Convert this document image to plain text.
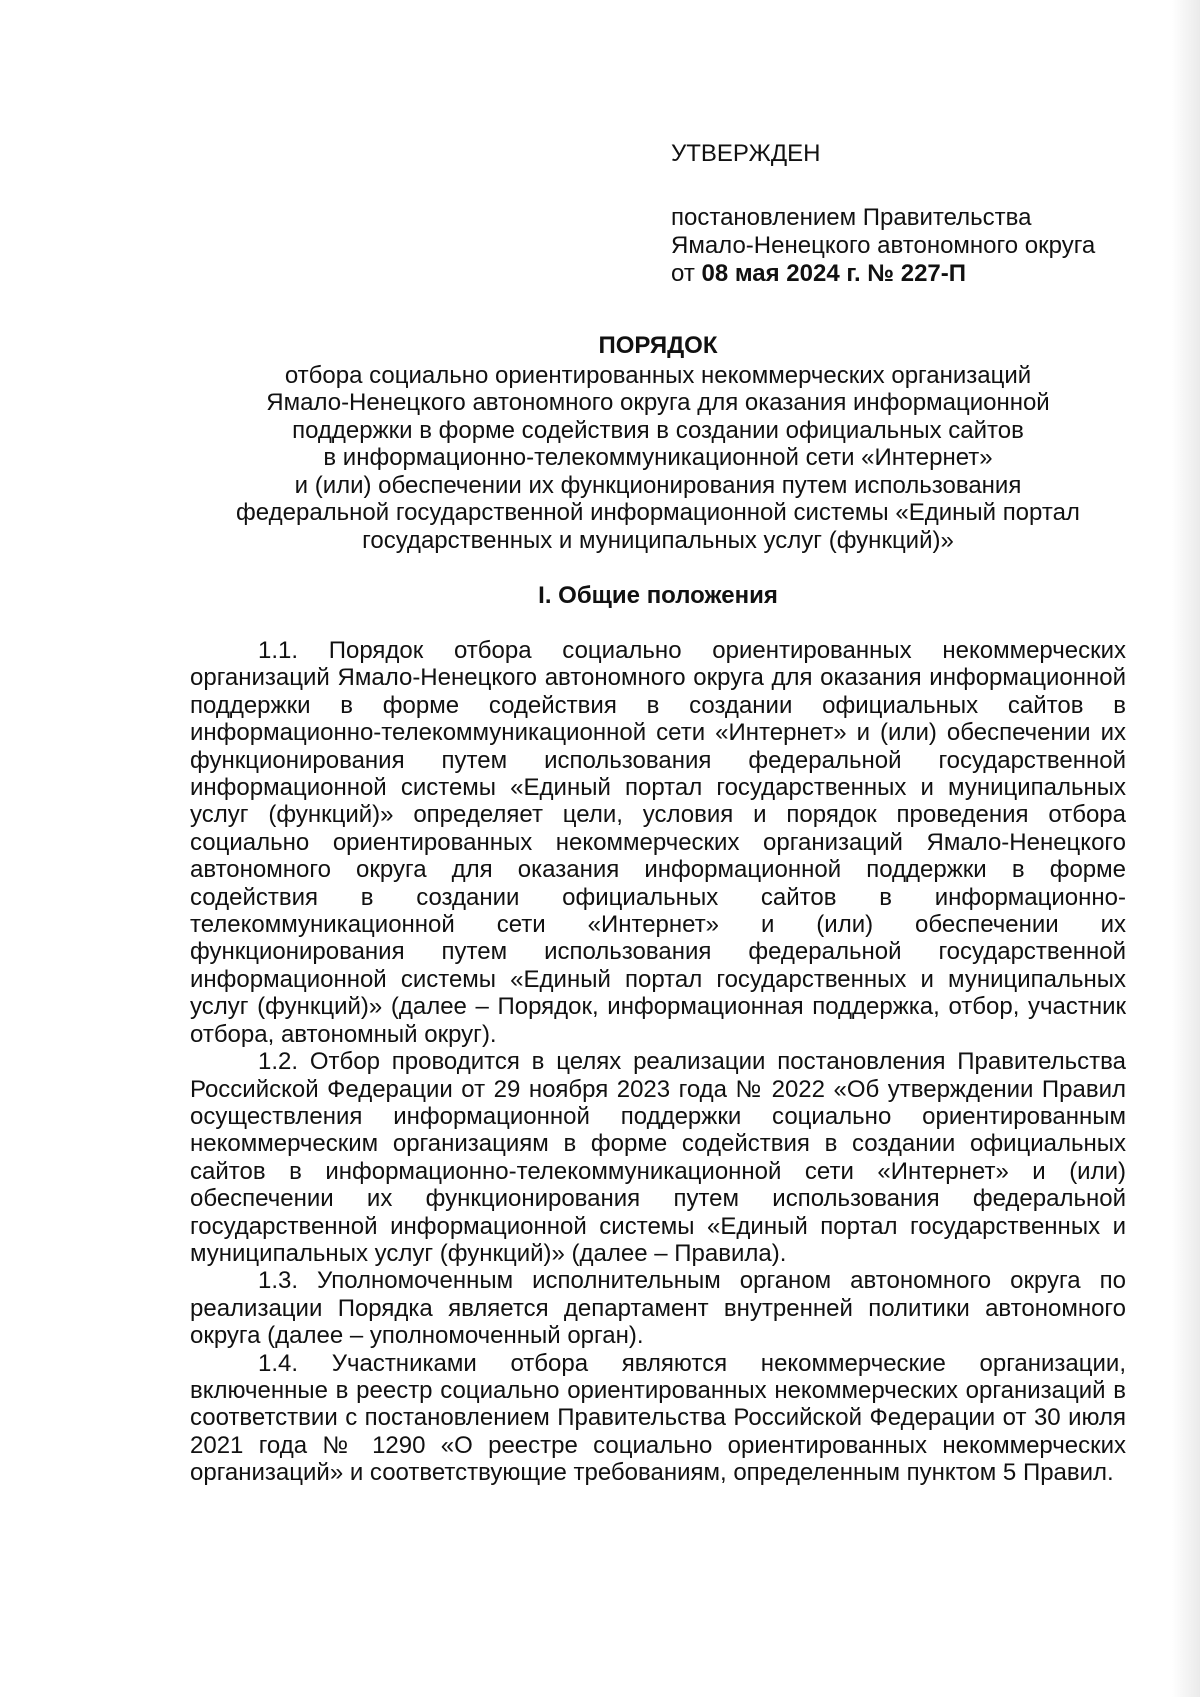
УТВЕРЖДЕН

постановлением Правительства

Ямало-Ненецкого автономного округа

от 08 мая 2024 г. № 227-П

ПОРЯДОК

отбора социально ориентированных некоммерческих организаций

Ямало-Ненецкого автономного округа для оказания информационной

поддержки в форме содействия в создании официальных сайтов

в информационно-телекоммуникационной сети «Интернет»

и (или) обеспечении их функционирования путем использования

федеральной государственной информационной системы «Единый портал

государственных и муниципальных услуг (функций)»

I. Общие положения

1.1. Порядок отбора социально ориентированных некоммерческих организаций Ямало-Ненецкого автономного округа для оказания информационной поддержки в форме содействия в создании официальных сайтов в информационно-телекоммуникационной сети «Интернет» и (или) обеспечении их функционирования путем использования федеральной государственной информационной системы «Единый портал государственных и муниципальных услуг (функций)» определяет цели, условия и порядок проведения отбора социально ориентированных некоммерческих организаций Ямало-Ненецкого автономного округа для оказания информационной поддержки в форме содействия в создании официальных сайтов в информационно-телекоммуникационной сети «Интернет» и (или) обеспечении их функционирования путем использования федеральной государственной информационной системы «Единый портал государственных и муниципальных услуг (функций)» (далее – Порядок, информационная поддержка, отбор, участник отбора, автономный округ).

1.2. Отбор проводится в целях реализации постановления Правительства Российской Федерации от 29 ноября 2023 года № 2022 «Об утверждении Правил осуществления информационной поддержки социально ориентированным некоммерческим организациям в форме содействия в создании официальных сайтов в информационно-телекоммуникационной сети «Интернет» и (или) обеспечении их функционирования путем использования федеральной государственной информационной системы «Единый портал государственных и муниципальных услуг (функций)» (далее – Правила).

1.3. Уполномоченным исполнительным органом автономного округа по реализации Порядка является департамент внутренней политики автономного округа (далее – уполномоченный орган).

1.4. Участниками отбора являются некоммерческие организации, включенные в реестр социально ориентированных некоммерческих организаций в соответствии с постановлением Правительства Российской Федерации от 30 июля 2021 года № 1290 «О реестре социально ориентированных некоммерческих организаций» и соответствующие требованиям, определенным пунктом 5 Правил.
